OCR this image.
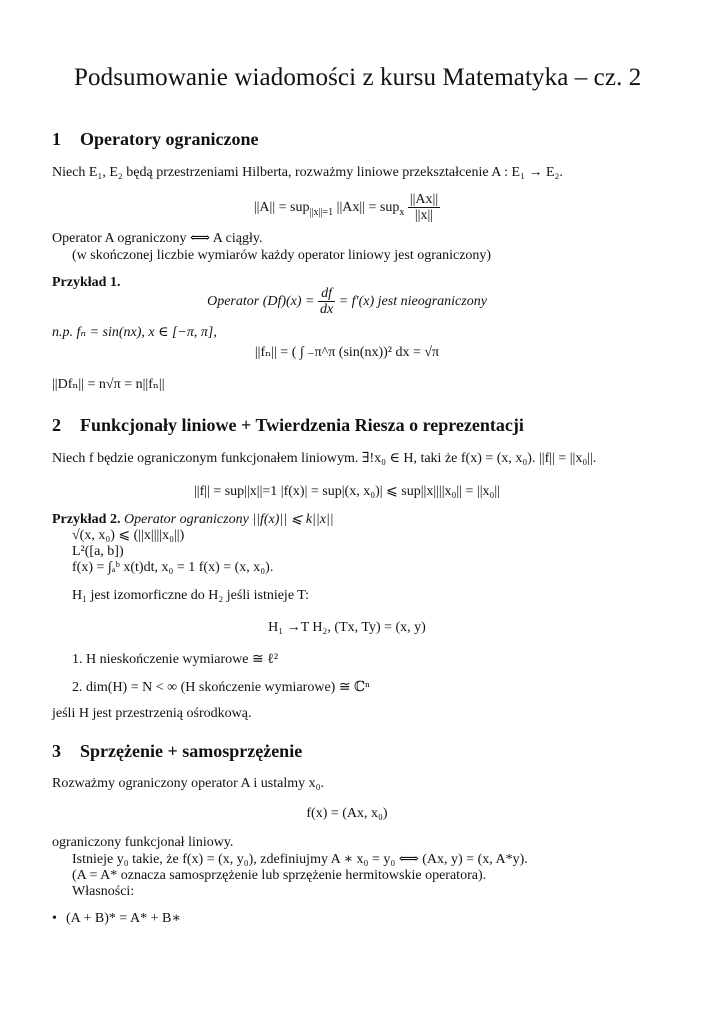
Podsumowanie wiadomości z kursu Matematyka – cz. 2
1 Operatory ograniczone
Niech E₁, E₂ będą przestrzeniami Hilberta, rozważmy liniowe przekształcenie A : E₁ → E₂.
||A|| = sup$_{||x||=1}$ $||Ax|| = sup_x \frac{||Ax||}{||x||}$
Operator A ograniczony ⟺ A ciągły.
(w skończonej liczbie wymiarów każdy operator liniowy jest ograniczony)
Przykład 1.
Operator $(Df)(x) = \frac{df}{dx} = f'(x)$ jest nieograniczony
n.p. fₙ = sin(nx), x ∈ [−π, π],
||fₙ|| = ( ∫ ₋π^π (sin(nx))² dx = √π
||Dfₙ|| = n√π = n||fₙ||
2 Funkcjonały liniowe + Twierdzenia Riesza o reprezentacji
Niech f będzie ograniczonym funkcjonałem liniowym. ∃!x₀ ∈ H, taki że f(x) = (x, x₀). ||f|| = ||x₀||.
||f|| = sup||x||=1 |f(x)| = sup|(x, x₀)| ⩽ sup||x||||x₀|| = ||x₀||
Przykład 2. Operator ograniczony ||f(x)|| ⩽ k||x||
√(x, x₀) ⩽ (||x||||x₀||)
L²([a, b])
f(x) = ∫ₐᵇ x(t)dt, x₀ = 1 f(x) = (x, x₀).
H₁ jest izomorficzne do H₂ jeśli istnieje T:
H₁ →T H₂, (Tx, Ty) = (x, y)
1. H nieskończenie wymiarowe ≅ ℓ²
2. dim(H) = N < ∞ (H skończenie wymiarowe) ≅ ℂⁿ
jeśli H jest przestrzenią ośrodkową.
3 Sprzężenie + samosprzężenie
Rozważmy ograniczony operator A i ustalmy x₀.
f(x) = (Ax, x₀)
ograniczony funkcjonał liniowy.
Istnieje y₀ takie, że f(x) = (x, y₀), zdefiniujmy A ∗ x₀ = y₀ ⟺ (Ax, y) = (x, A*y).
(A = A* oznacza samosprzężenie lub sprzężenie hermitowskie operatora).
Własności:
• (A + B)* = A* + B∗
